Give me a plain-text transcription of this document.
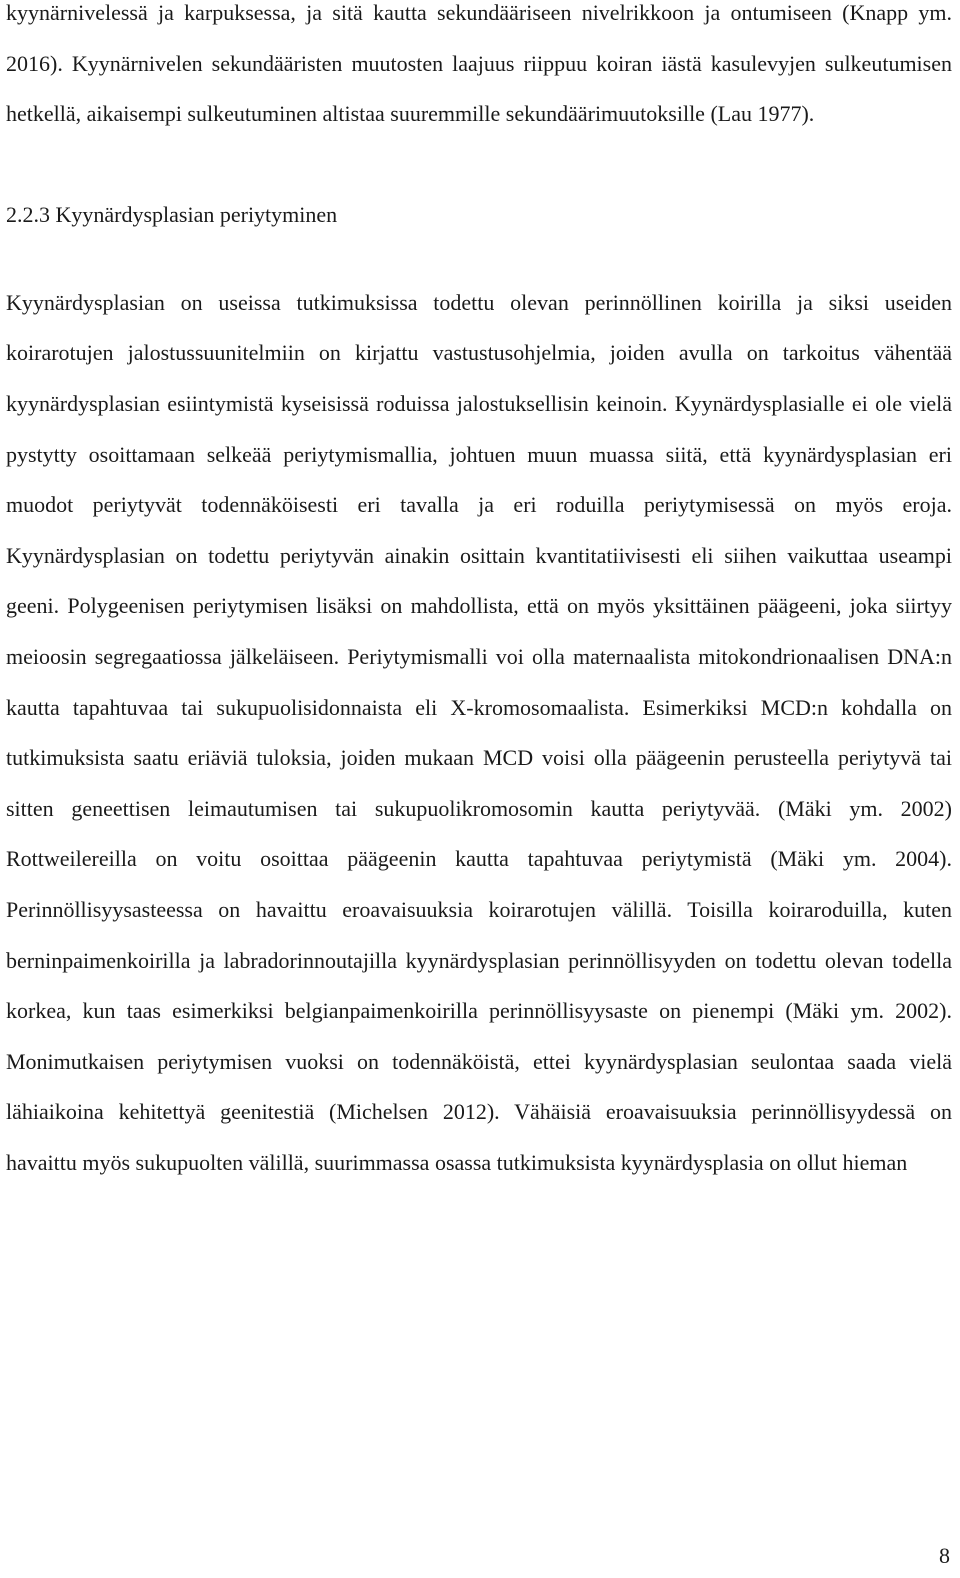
kyynärnivelessä ja karpuksessa, ja sitä kautta sekundääriseen nivelrikkoon ja ontumiseen (Knapp ym. 2016). Kyynärnivelen sekundääristen muutosten laajuus riippuu koiran iästä kasulevyjen sulkeutumisen hetkellä, aikaisempi sulkeutuminen altistaa suuremmille sekundäärimuutoksille (Lau 1977).

2.2.3 Kyynärdysplasian periytyminen

Kyynärdysplasian on useissa tutkimuksissa todettu olevan perinnöllinen koirilla ja siksi useiden koirarotujen jalostussuunitelmiin on kirjattu vastustusohjelmia, joiden avulla on tarkoitus vähentää kyynärdysplasian esiintymistä kyseisissä roduissa jalostuksellisin keinoin. Kyynärdysplasialle ei ole vielä pystytty osoittamaan selkeää periytymismallia, johtuen muun muassa siitä, että kyynärdysplasian eri muodot periytyvät todennäköisesti eri tavalla ja eri roduilla periytymisessä on myös eroja. Kyynärdysplasian on todettu periytyvän ainakin osittain kvantitatiivisesti eli siihen vaikuttaa useampi geeni. Polygeenisen periytymisen lisäksi on mahdollista, että on myös yksittäinen päägeeni, joka siirtyy meioosin segregaatiossa jälkeläiseen. Periytymismalli voi olla maternaalista mitokondrionaalisen DNA:n kautta tapahtuvaa tai sukupuolisidonnaista eli X-kromosomaalista. Esimerkiksi MCD:n kohdalla on tutkimuksista saatu eriäviä tuloksia, joiden mukaan MCD voisi olla päägeenin perusteella periytyvä tai sitten geneettisen leimautumisen tai sukupuolikromosomin kautta periytyvää. (Mäki ym. 2002) Rottweilereilla on voitu osoittaa päägeenin kautta tapahtuvaa periytymistä (Mäki ym. 2004). Perinnöllisyysasteessa on havaittu eroavaisuuksia koirarotujen välillä. Toisilla koiraroduilla, kuten berninpaimenkoirilla ja labradorinnoutajilla kyynärdysplasian perinnöllisyyden on todettu olevan todella korkea, kun taas esimerkiksi belgianpaimenkoirilla perinnöllisyysaste on pienempi (Mäki ym. 2002). Monimutkaisen periytymisen vuoksi on todennäköistä, ettei kyynärdysplasian seulontaa saada vielä lähiaikoina kehitettyä geenitestiä (Michelsen 2012). Vähäisiä eroavaisuuksia perinnöllisyydessä on havaittu myös sukupuolten välillä, suurimmassa osassa tutkimuksista kyynärdysplasia on ollut hieman

8
